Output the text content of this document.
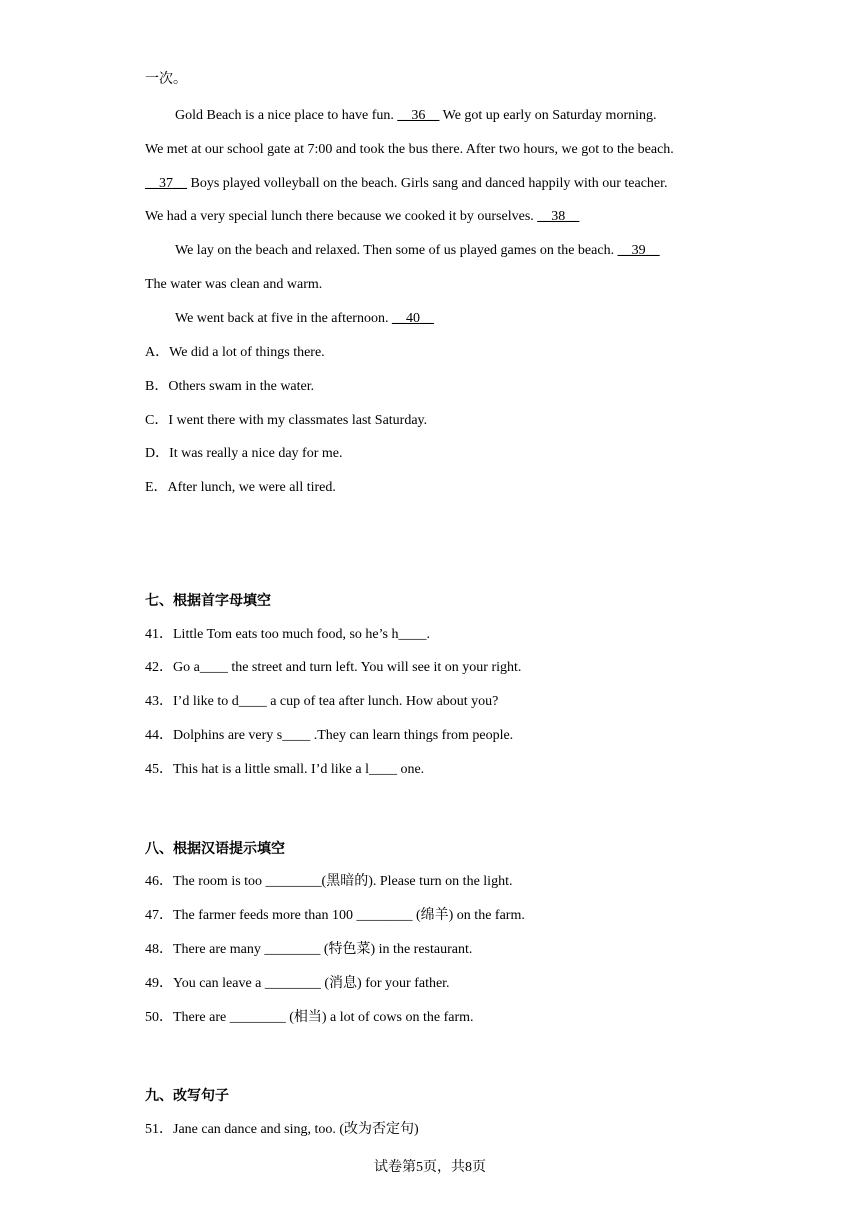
一次。
Gold Beach is a nice place to have fun. __36__ We got up early on Saturday morning.
We met at our school gate at 7:00 and took the bus there. After two hours, we got to the beach.
__37__ Boys played volleyball on the beach. Girls sang and danced happily with our teacher.
We had a very special lunch there because we cooked it by ourselves. __38__
We lay on the beach and relaxed. Then some of us played games on the beach. __39__
The water was clean and warm.
We went back at five in the afternoon. __40__
A．We did a lot of things there.
B．Others swam in the water.
C．I went there with my classmates last Saturday.
D．It was really a nice day for me.
E．After lunch, we were all tired.
七、根据首字母填空
41．Little Tom eats too much food, so he’s h____.
42．Go a____ the street and turn left. You will see it on your right.
43．I’d like to d____ a cup of tea after lunch. How about you?
44．Dolphins are very s____ .They can learn things from people.
45．This hat is a little small. I’d like a l____ one.
八、根据汉语提示填空
46．The room is too ________(黑暗的). Please turn on the light.
47．The farmer feeds more than 100 ________ (绵羊) on the farm.
48．There are many ________ (特色菜) in the restaurant.
49．You can leave a ________ (消息) for your father.
50．There are ________ (相当) a lot of cows on the farm.
九、改写句子
51．Jane can dance and sing, too. (改为否定句)
试卷第5页，共8页
